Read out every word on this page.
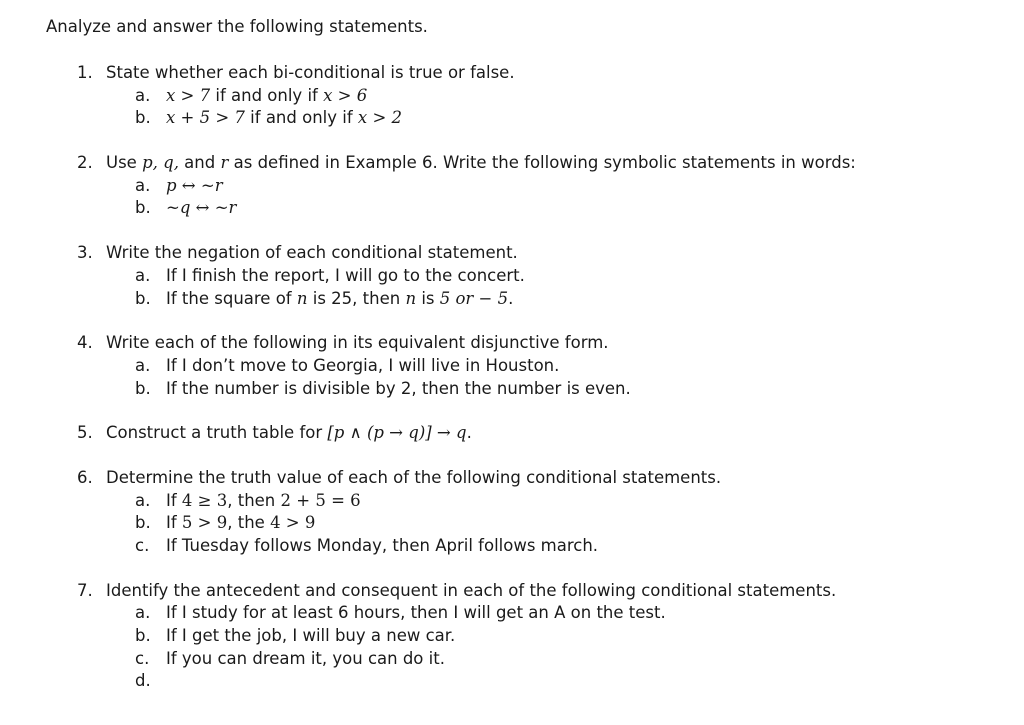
Analyze and answer the following statements.

1. State whether each bi-conditional is true or false.
a. x > 7 if and only if x > 6
b. x + 5 > 7 if and only if x > 2
2. Use p, q, and r as defined in Example 6. Write the following symbolic statements in words:
a. p ↔ ~r
b. ~q ↔ ~r
3. Write the negation of each conditional statement.
a. If I finish the report, I will go to the concert.
b. If the square of n is 25, then n is 5 or − 5.
4. Write each of the following in its equivalent disjunctive form.
a. If I don’t move to Georgia, I will live in Houston.
b. If the number is divisible by 2, then the number is even.
5. Construct a truth table for [p ∧ (p → q)] → q.
6. Determine the truth value of each of the following conditional statements.
a. If 4 ≥ 3, then 2 + 5 = 6
b. If 5 > 9, the 4 > 9
c. If Tuesday follows Monday, then April follows march.
7. Identify the antecedent and consequent in each of the following conditional statements.
a. If I study for at least 6 hours, then I will get an A on the test.
b. If I get the job, I will buy a new car.
c. If you can dream it, you can do it.
d.
